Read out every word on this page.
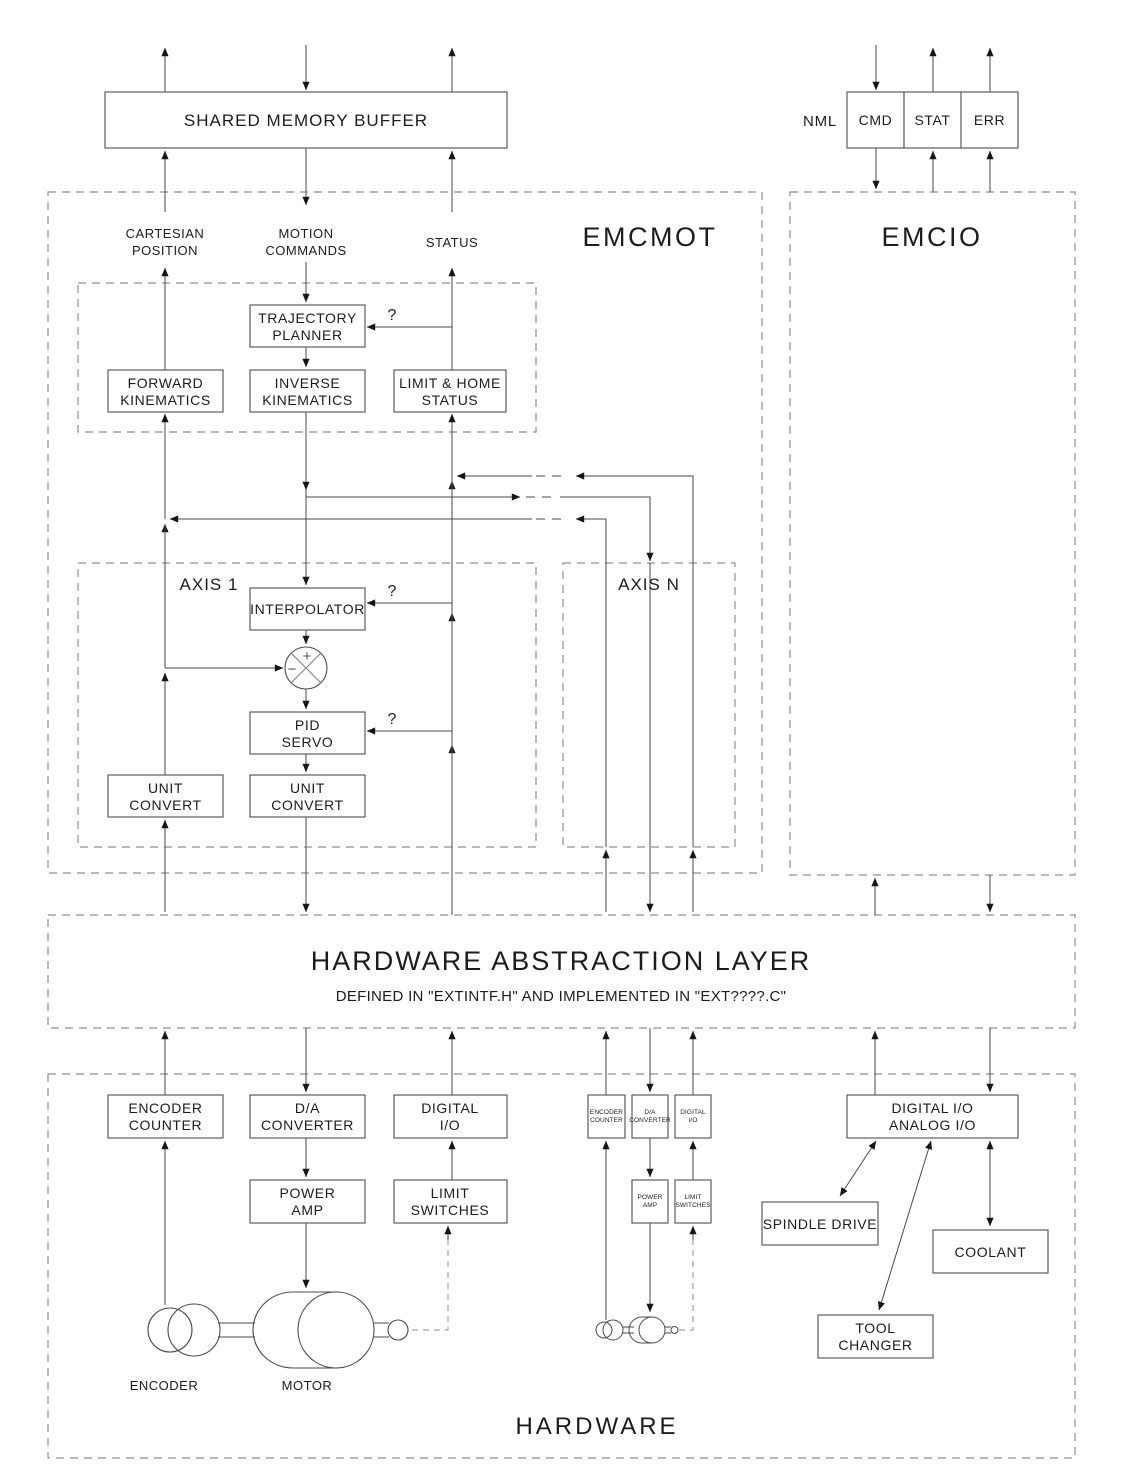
+
−
SHARED MEMORY BUFFER	NML CMD STAT ERR
EMCMOT	EMCIO
CARTESIAN
POSITION
MOTION
COMMANDS
STATUS
TRAJECTORY
PLANNER
FORWARD
KINEMATICS
INVERSE
KINEMATICS
LIMIT & HOME
STATUS
?
?
?
AXIS 1	AXIS N
INTERPOLATOR
PID
SERVO
UNIT
CONVERT
UNIT
CONVERT
HARDWARE ABSTRACTION LAYER
DEFINED IN "EXTINTF.H" AND IMPLEMENTED IN "EXT????.C"
ENCODER
COUNTER
D/A
CONVERTER
DIGITAL
I/O
POWER
AMP
LIMIT
SWITCHES
ENCODER
COUNTER
D/A
CONVERTER
DIGITAL
I/O
POWER
AMP
LIMIT
SWITCHES
DIGITAL I/O
ANALOG I/O
SPINDLE DRIVE
COOLANT
TOOL
CHANGER
ENCODER	MOTOR
HARDWARE
